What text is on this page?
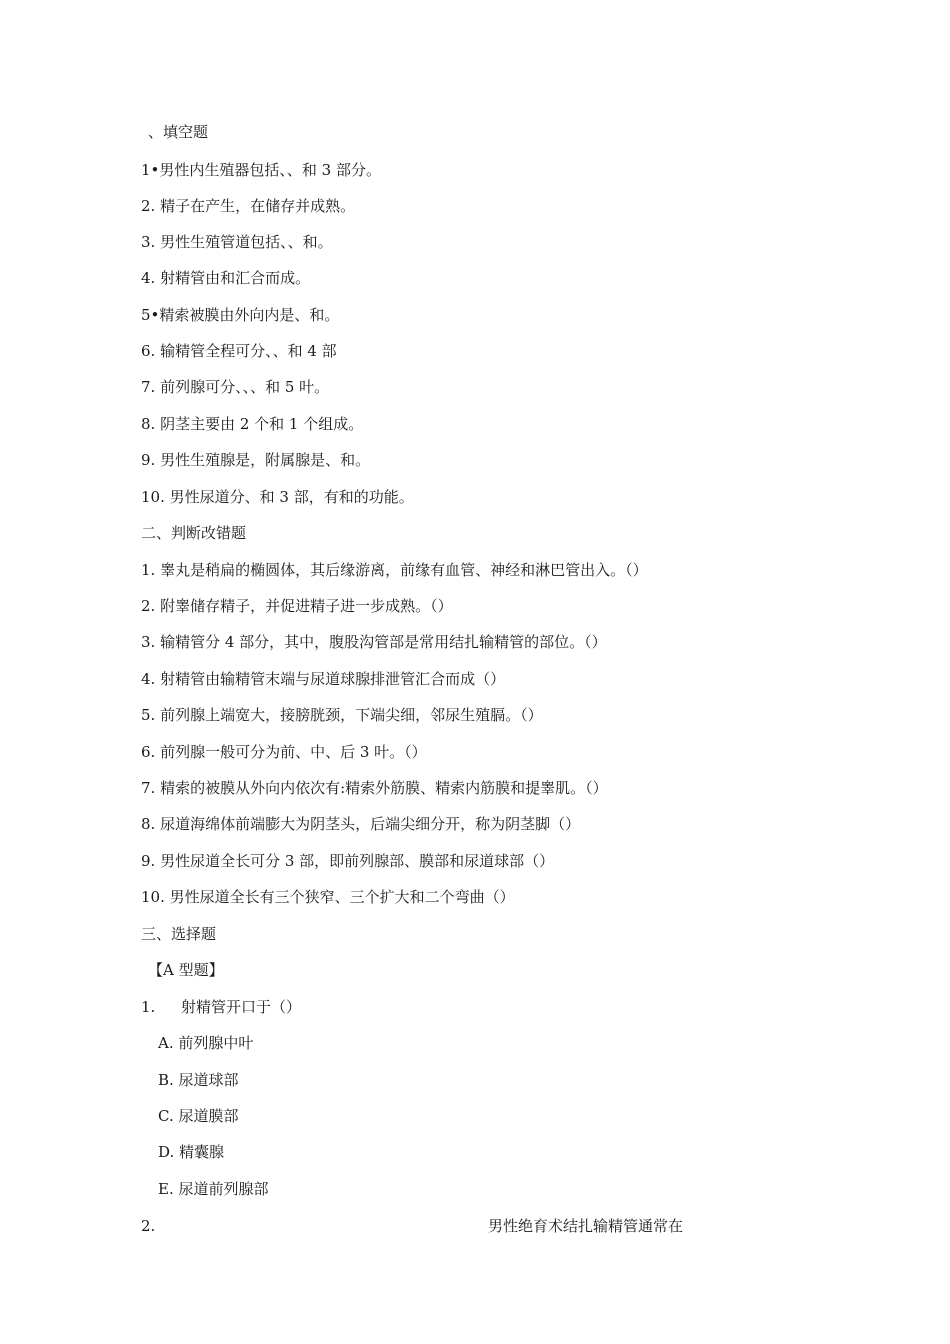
、填空题
1•男性内生殖器包括、、和 3 部分。
2. 精子在产生，在储存并成熟。
3. 男性生殖管道包括、、和。
4. 射精管由和汇合而成。
5•精索被膜由外向内是、和。
6. 输精管全程可分、、和 4 部
7. 前列腺可分、、、和 5 叶。
8. 阴茎主要由 2 个和 1 个组成。
9. 男性生殖腺是，附属腺是、和。
10. 男性尿道分、和 3 部，有和的功能。
二、判断改错题
1. 睾丸是稍扁的椭圆体，其后缘游离，前缘有血管、神经和淋巴管出入。（）
2. 附睾储存精子，并促进精子进一步成熟。（）
3. 输精管分 4 部分，其中，腹股沟管部是常用结扎输精管的部位。（）
4. 射精管由输精管末端与尿道球腺排泄管汇合而成（）
5. 前列腺上端宽大，接膀胱颈，下端尖细，邻尿生殖膈。（）
6. 前列腺一般可分为前、中、后 3 叶。（）
7. 精索的被膜从外向内依次有:精索外筋膜、精索内筋膜和提睾肌。（）
8. 尿道海绵体前端膨大为阴茎头，后端尖细分开，称为阴茎脚（）
9. 男性尿道全长可分 3 部，即前列腺部、膜部和尿道球部（）
10. 男性尿道全长有三个狭窄、三个扩大和二个弯曲（）
三、选择题
【A 型题】
1. 射精管开口于（）
A. 前列腺中叶
B. 尿道球部
C. 尿道膜部
D. 精囊腺
E. 尿道前列腺部
2.	男性绝育术结扎输精管通常在
